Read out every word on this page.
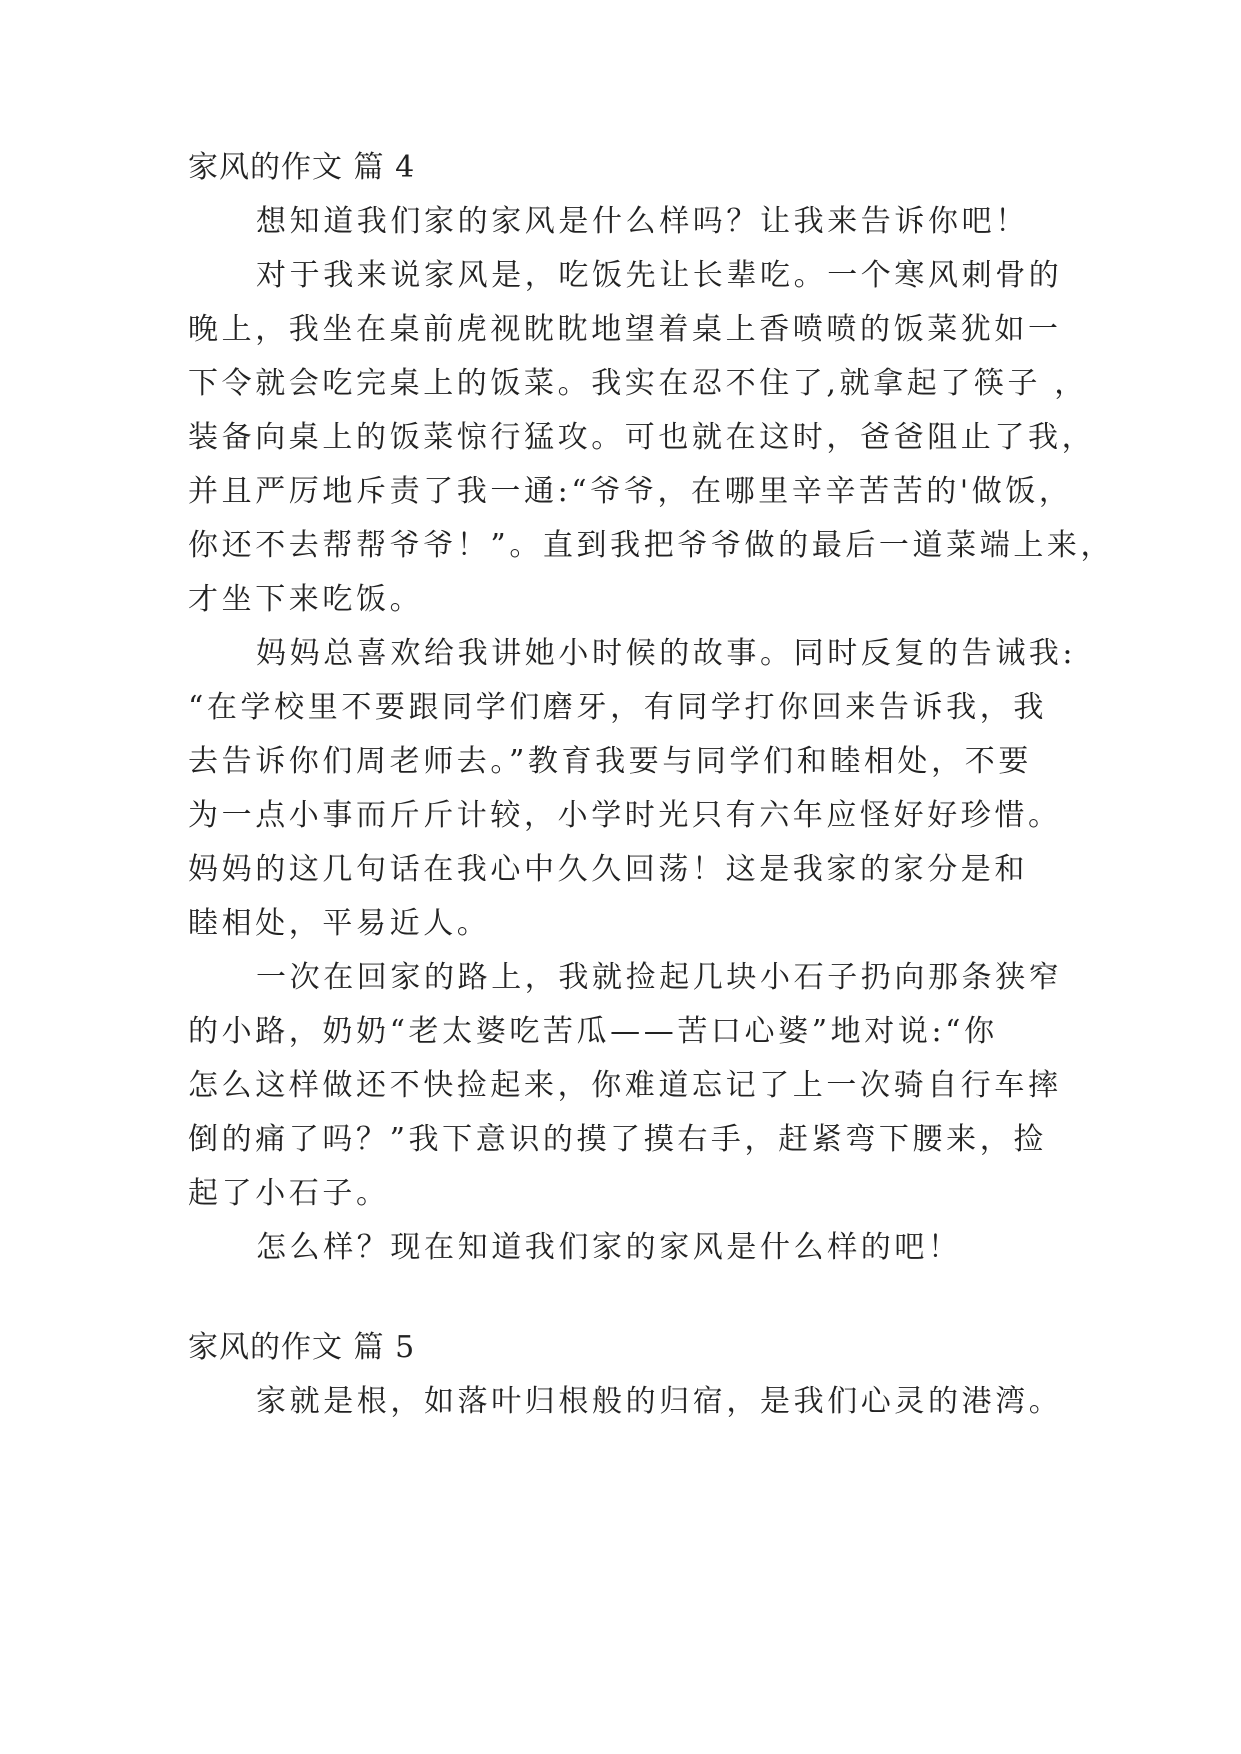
家风的作文 篇 4
想知道我们家的家风是什么样吗？让我来告诉你吧！
对于我来说家风是，吃饭先让长辈吃。一个寒风刺骨的
晚上，我坐在桌前虎视眈眈地望着桌上香喷喷的饭菜犹如一
下令就会吃完桌上的饭菜。我实在忍不住了,就拿起了筷子 ，
装备向桌上的饭菜惊行猛攻。可也就在这时，爸爸阻止了我，
并且严厉地斥责了我一通:“爷爷，在哪里辛辛苦苦的'做饭，
你还不去帮帮爷爷！”。直到我把爷爷做的最后一道菜端上来，
才坐下来吃饭。
妈妈总喜欢给我讲她小时候的故事。同时反复的告诫我:
“在学校里不要跟同学们磨牙，有同学打你回来告诉我，我
去告诉你们周老师去。”教育我要与同学们和睦相处，不要
为一点小事而斤斤计较，小学时光只有六年应怪好好珍惜。
妈妈的这几句话在我心中久久回荡！这是我家的家分是和
睦相处，平易近人。
一次在回家的路上，我就捡起几块小石子扔向那条狭窄
的小路，奶奶“老太婆吃苦瓜——苦口心婆”地对说:“你
怎么这样做还不快捡起来，你难道忘记了上一次骑自行车摔
倒的痛了吗？”我下意识的摸了摸右手，赶紧弯下腰来，捡
起了小石子。
怎么样？现在知道我们家的家风是什么样的吧！
家风的作文 篇 5
家就是根，如落叶归根般的归宿，是我们心灵的港湾。
